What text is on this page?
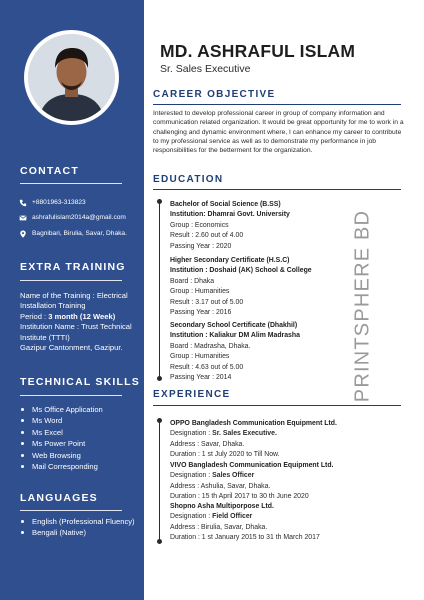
CONTACT
+8801963-313823
ashrafulislam2014a@gmail.com
Bagnibari, Birulia, Savar, Dhaka.
EXTRA TRAINING
Name of the Training : Electrical Installation Training
Period : 3 month (12 Week)
Institution Name : Trust Technical Institute (TTTI)
Gazipur Cantonment, Gazipur.
TECHNICAL SKILLS
Ms Office Application
Ms Word
Ms Excel
Ms Power Point
Web Browsing
Mail Corresponding
LANGUAGES
English (Professional Fluency)
Bengali (Native)
MD. ASHRAFUL ISLAM
Sr. Sales Executive
CAREER OBJECTIVE
Interested to develop professional career in group of company information and communication related organization. It would be great opportunity for me to work in a challenging and dynamic environment where, I can enhance my career to contribute to my professional service as well as to demonstrate my performance in job responsibilities for the betterment for the organization.
EDUCATION
Bachelor of Social Science (B.SS)
Institution: Dhamrai Govt. University
Group : Economics
Result : 2.60 out of 4.00
Passing Year : 2020
Higher Secondary Certificate (H.S.C)
Institution : Doshaid (AK) School & College
Board : Dhaka
Group : Humanities
Result : 3.17 out of 5.00
Passing Year : 2016
Secondary School Certificate (Dhakhil)
Institution : Kaliakur DM Alim Madrasha
Board : Madrasha, Dhaka.
Group : Humanities
Result : 4.63 out of 5.00
Passing Year : 2014	PRINTSPHERE BD
EXPERIENCE
OPPO Bangladesh Communication Equipment Ltd.
Designation : Sr. Sales Executive.
Address : Savar, Dhaka.
Duration : 1 st July 2020 to Till Now.
VIVO Bangladesh Communication Equipment Ltd.
Designation : Sales Officer
Address : Ashulia, Savar, Dhaka.
Duration : 15 th April 2017 to 30 th June 2020
Shopno Asha Multiporpose Ltd.
Designation : Field Officer
Address : Birulia, Savar, Dhaka.
Duration : 1 st January 2015 to 31 th March 2017
